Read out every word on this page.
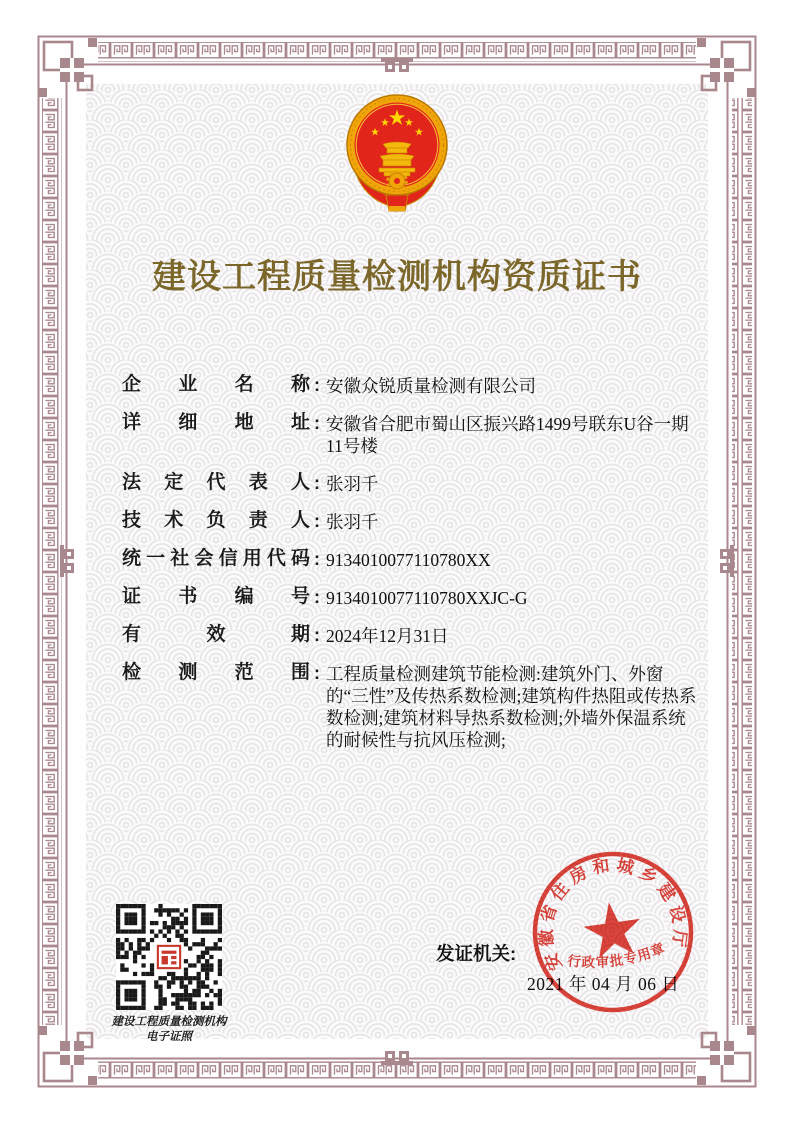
建设工程质量检测机构资质证书
企业名称 : 安徽众锐质量检测有限公司
详细地址 : 安徽省合肥市蜀山区振兴路1499号联东U谷一期11号楼
法定代表人 : 张羽千
技术负责人 : 张羽千
统一社会信用代码 : 9134010077110780XX
证书编号 : 9134010077110780XXJC-G
有效期 : 2024年12月31日
检测范围 : 工程质量检测建筑节能检测:建筑外门、外窗的“三性”及传热系数检测;建筑构件热阻或传热系数检测;建筑材料导热系数检测;外墙外保温系统的耐候性与抗风压检测;
建设工程质量检测机构
电子证照
发证机关:
2021 年 04 月 06 日
安徽省住房和城乡建设厅
行政审批专用章
